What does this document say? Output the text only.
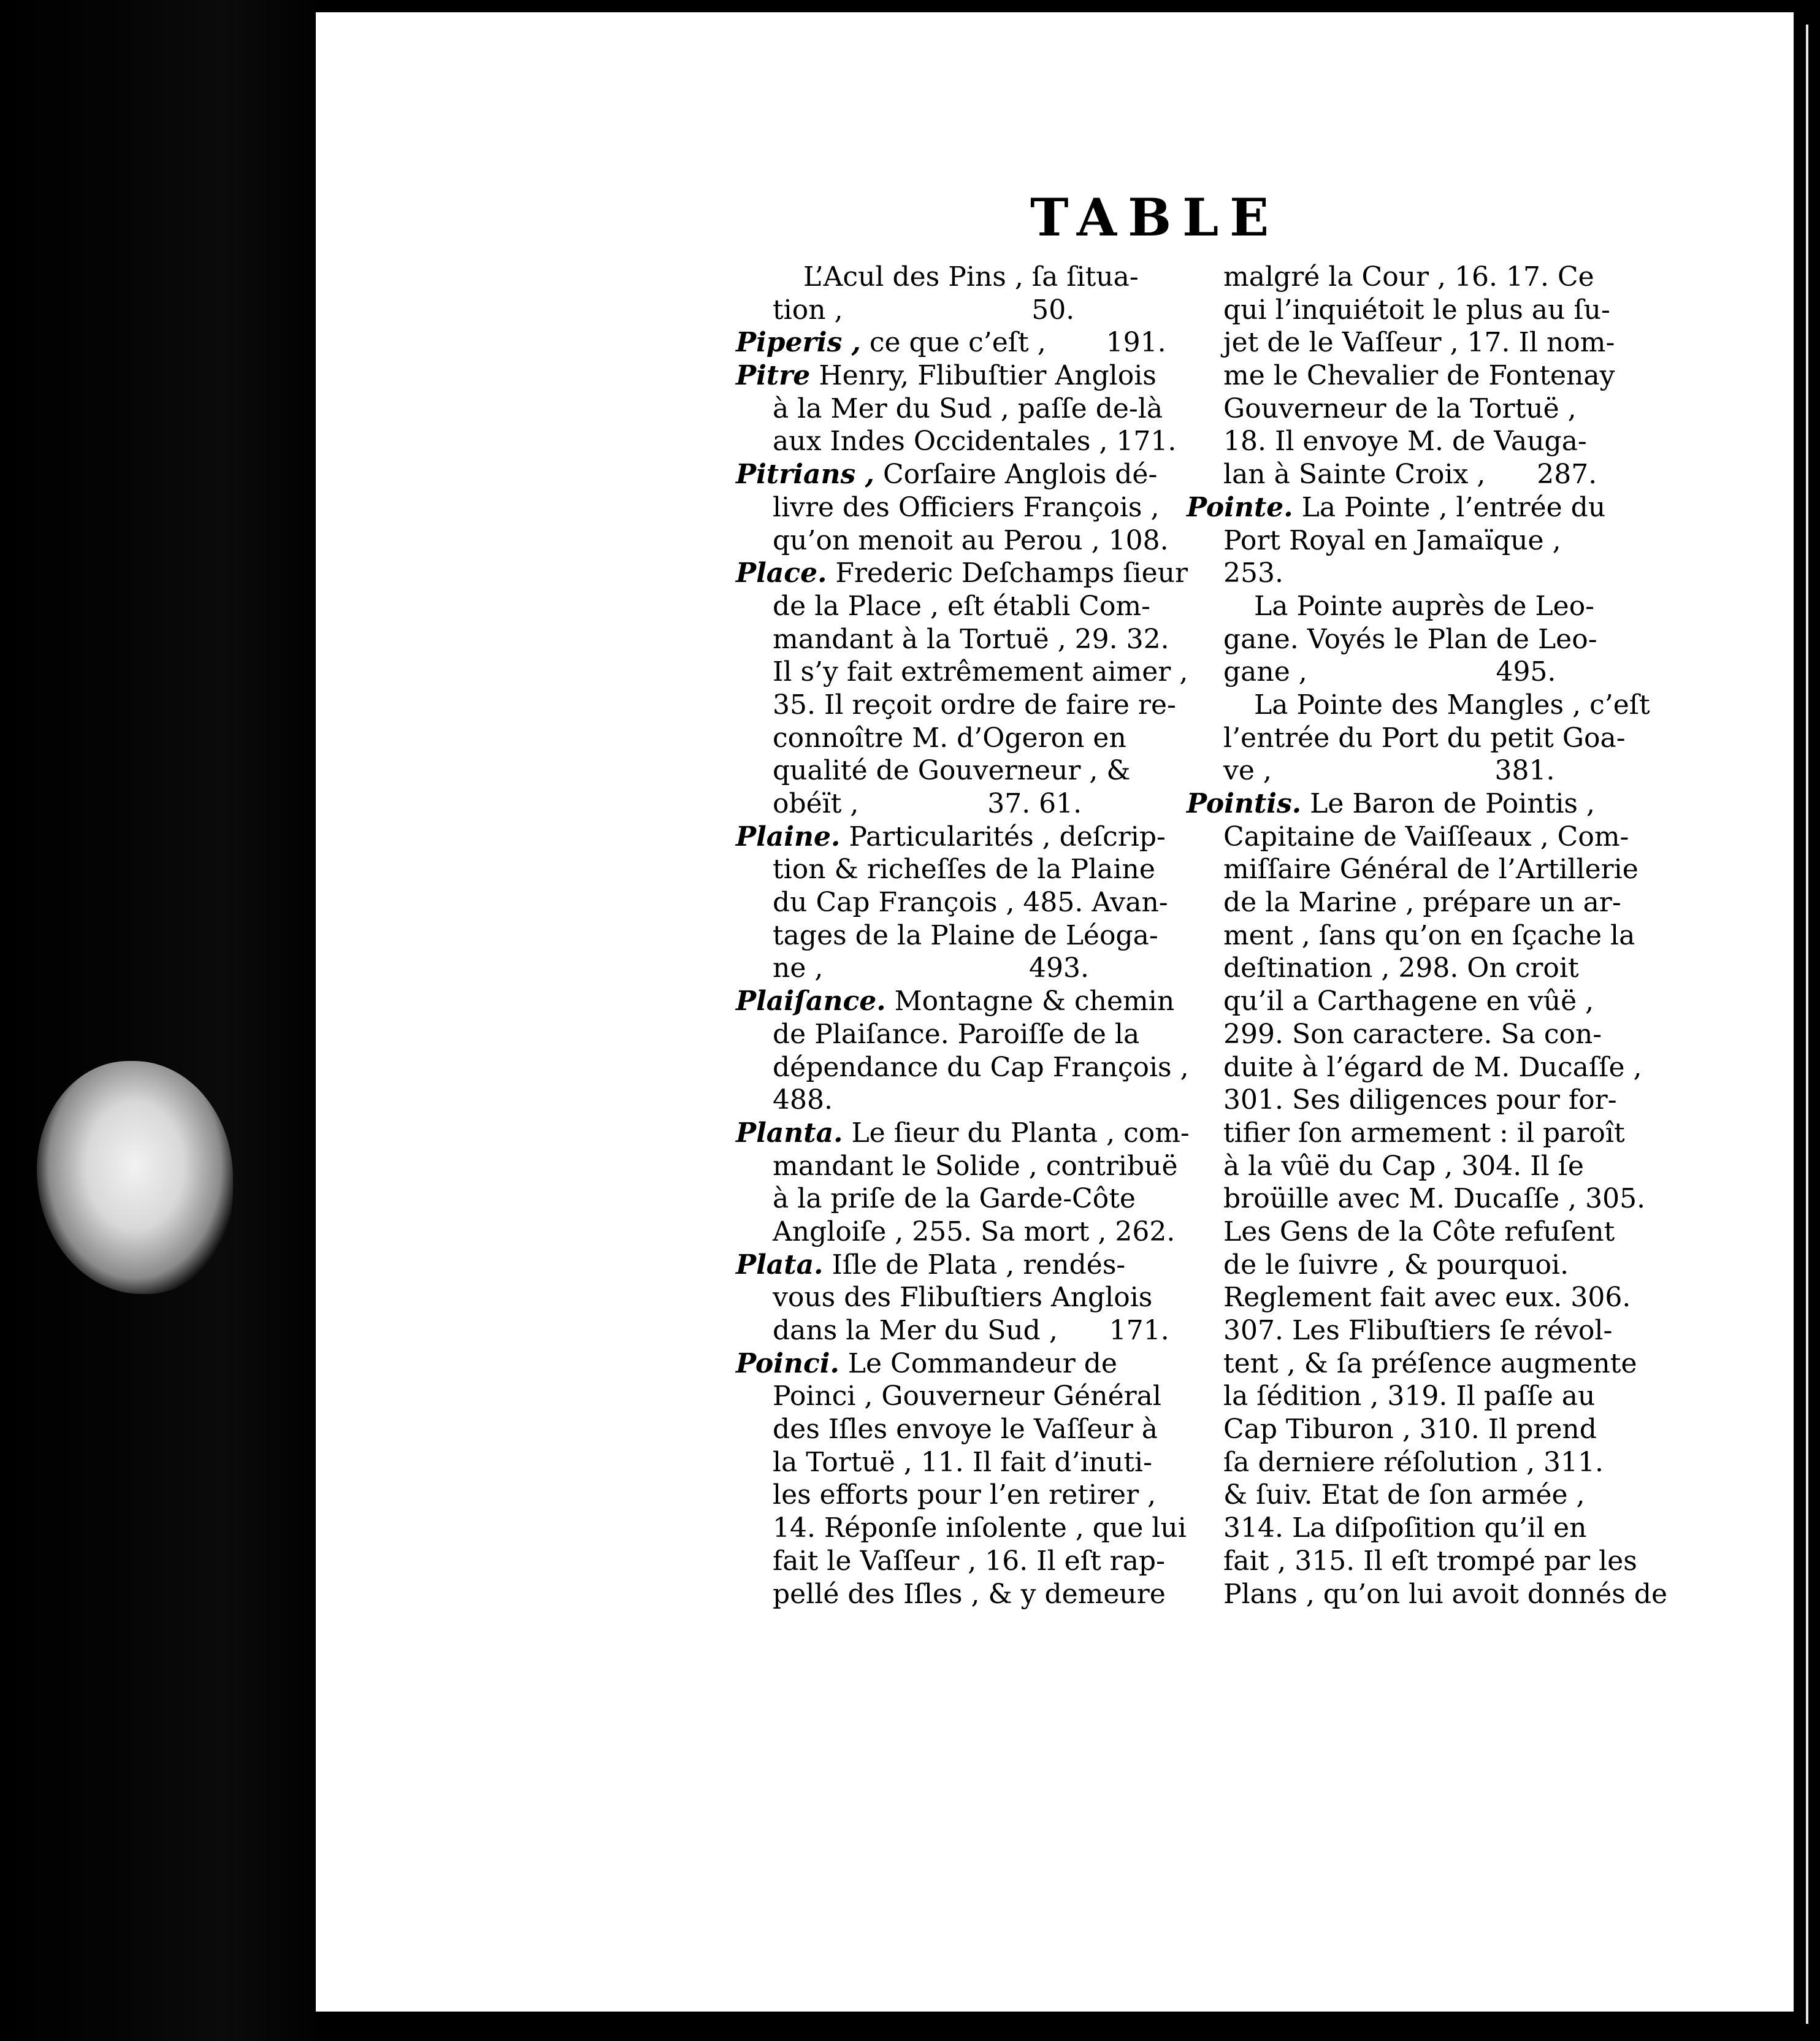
TABLE
L’Acul des Pins , ſa ſitua-
tion ,                      50.
Piperis , ce que c’eſt ,       191.
Pitre Henry, Flibuſtier Anglois
à la Mer du Sud , paſſe de-là
aux Indes Occidentales , 171.
Pitrians , Corſaire Anglois dé-
livre des Officiers François ,
qu’on menoit au Perou , 108.
Place. Frederic Deſchamps ſieur
de la Place , eſt établi Com-
mandant à la Tortuë , 29. 32.
Il s’y fait extrêmement aimer ,
35. Il reçoit ordre de faire re-
connoître M. d’Ogeron en
qualité de Gouverneur , &
obéït ,               37. 61.
Plaine. Particularités , deſcrip-
tion & richeſſes de la Plaine
du Cap François , 485. Avan-
tages de la Plaine de Léoga-
ne ,                        493.
Plaiſance. Montagne & chemin
de Plaiſance. Paroiſſe de la
dépendance du Cap François ,
488.
Planta. Le ſieur du Planta , com-
mandant le Solide , contribuë
à la priſe de la Garde-Côte
Angloiſe , 255. Sa mort , 262.
Plata. Iſle de Plata , rendés-
vous des Flibuſtiers Anglois
dans la Mer du Sud ,      171.
Poinci. Le Commandeur de
Poinci , Gouverneur Général
des Iſles envoye le Vaſſeur à
la Tortuë , 11. Il fait d’inuti-
les efforts pour l’en retirer ,
14. Réponſe inſolente , que lui
fait le Vaſſeur , 16. Il eſt rap-
pellé des Iſles , & y demeure
malgré la Cour , 16. 17. Ce
qui l’inquiétoit le plus au ſu-
jet de le Vaſſeur , 17. Il nom-
me le Chevalier de Fontenay
Gouverneur de la Tortuë ,
18. Il envoye M. de Vauga-
lan à Sainte Croix ,      287.
Pointe. La Pointe , l’entrée du
Port Royal en Jamaïque ,
253.
La Pointe auprès de Leo-
gane. Voyés le Plan de Leo-
gane ,                      495.
La Pointe des Mangles , c’eſt
l’entrée du Port du petit Goa-
ve ,                          381.
Pointis. Le Baron de Pointis ,
Capitaine de Vaiſſeaux , Com-
miſſaire Général de l’Artillerie
de la Marine , prépare un ar-
ment , ſans qu’on en ſçache la
deſtination , 298. On croit
qu’il a Carthagene en vûë ,
299. Son caractere. Sa con-
duite à l’égard de M. Ducaſſe ,
301. Ses diligences pour for-
tifier ſon armement : il paroît
à la vûë du Cap , 304. Il ſe
broüille avec M. Ducaſſe , 305.
Les Gens de la Côte refuſent
de le ſuivre , & pourquoi.
Reglement fait avec eux. 306.
307. Les Flibuſtiers ſe révol-
tent , & ſa préſence augmente
la ſédition , 319. Il paſſe au
Cap Tiburon , 310. Il prend
ſa derniere réſolution , 311.
& ſuiv. Etat de ſon armée ,
314. La diſpoſition qu’il en
fait , 315. Il eſt trompé par les
Plans , qu’on lui avoit donnés de
